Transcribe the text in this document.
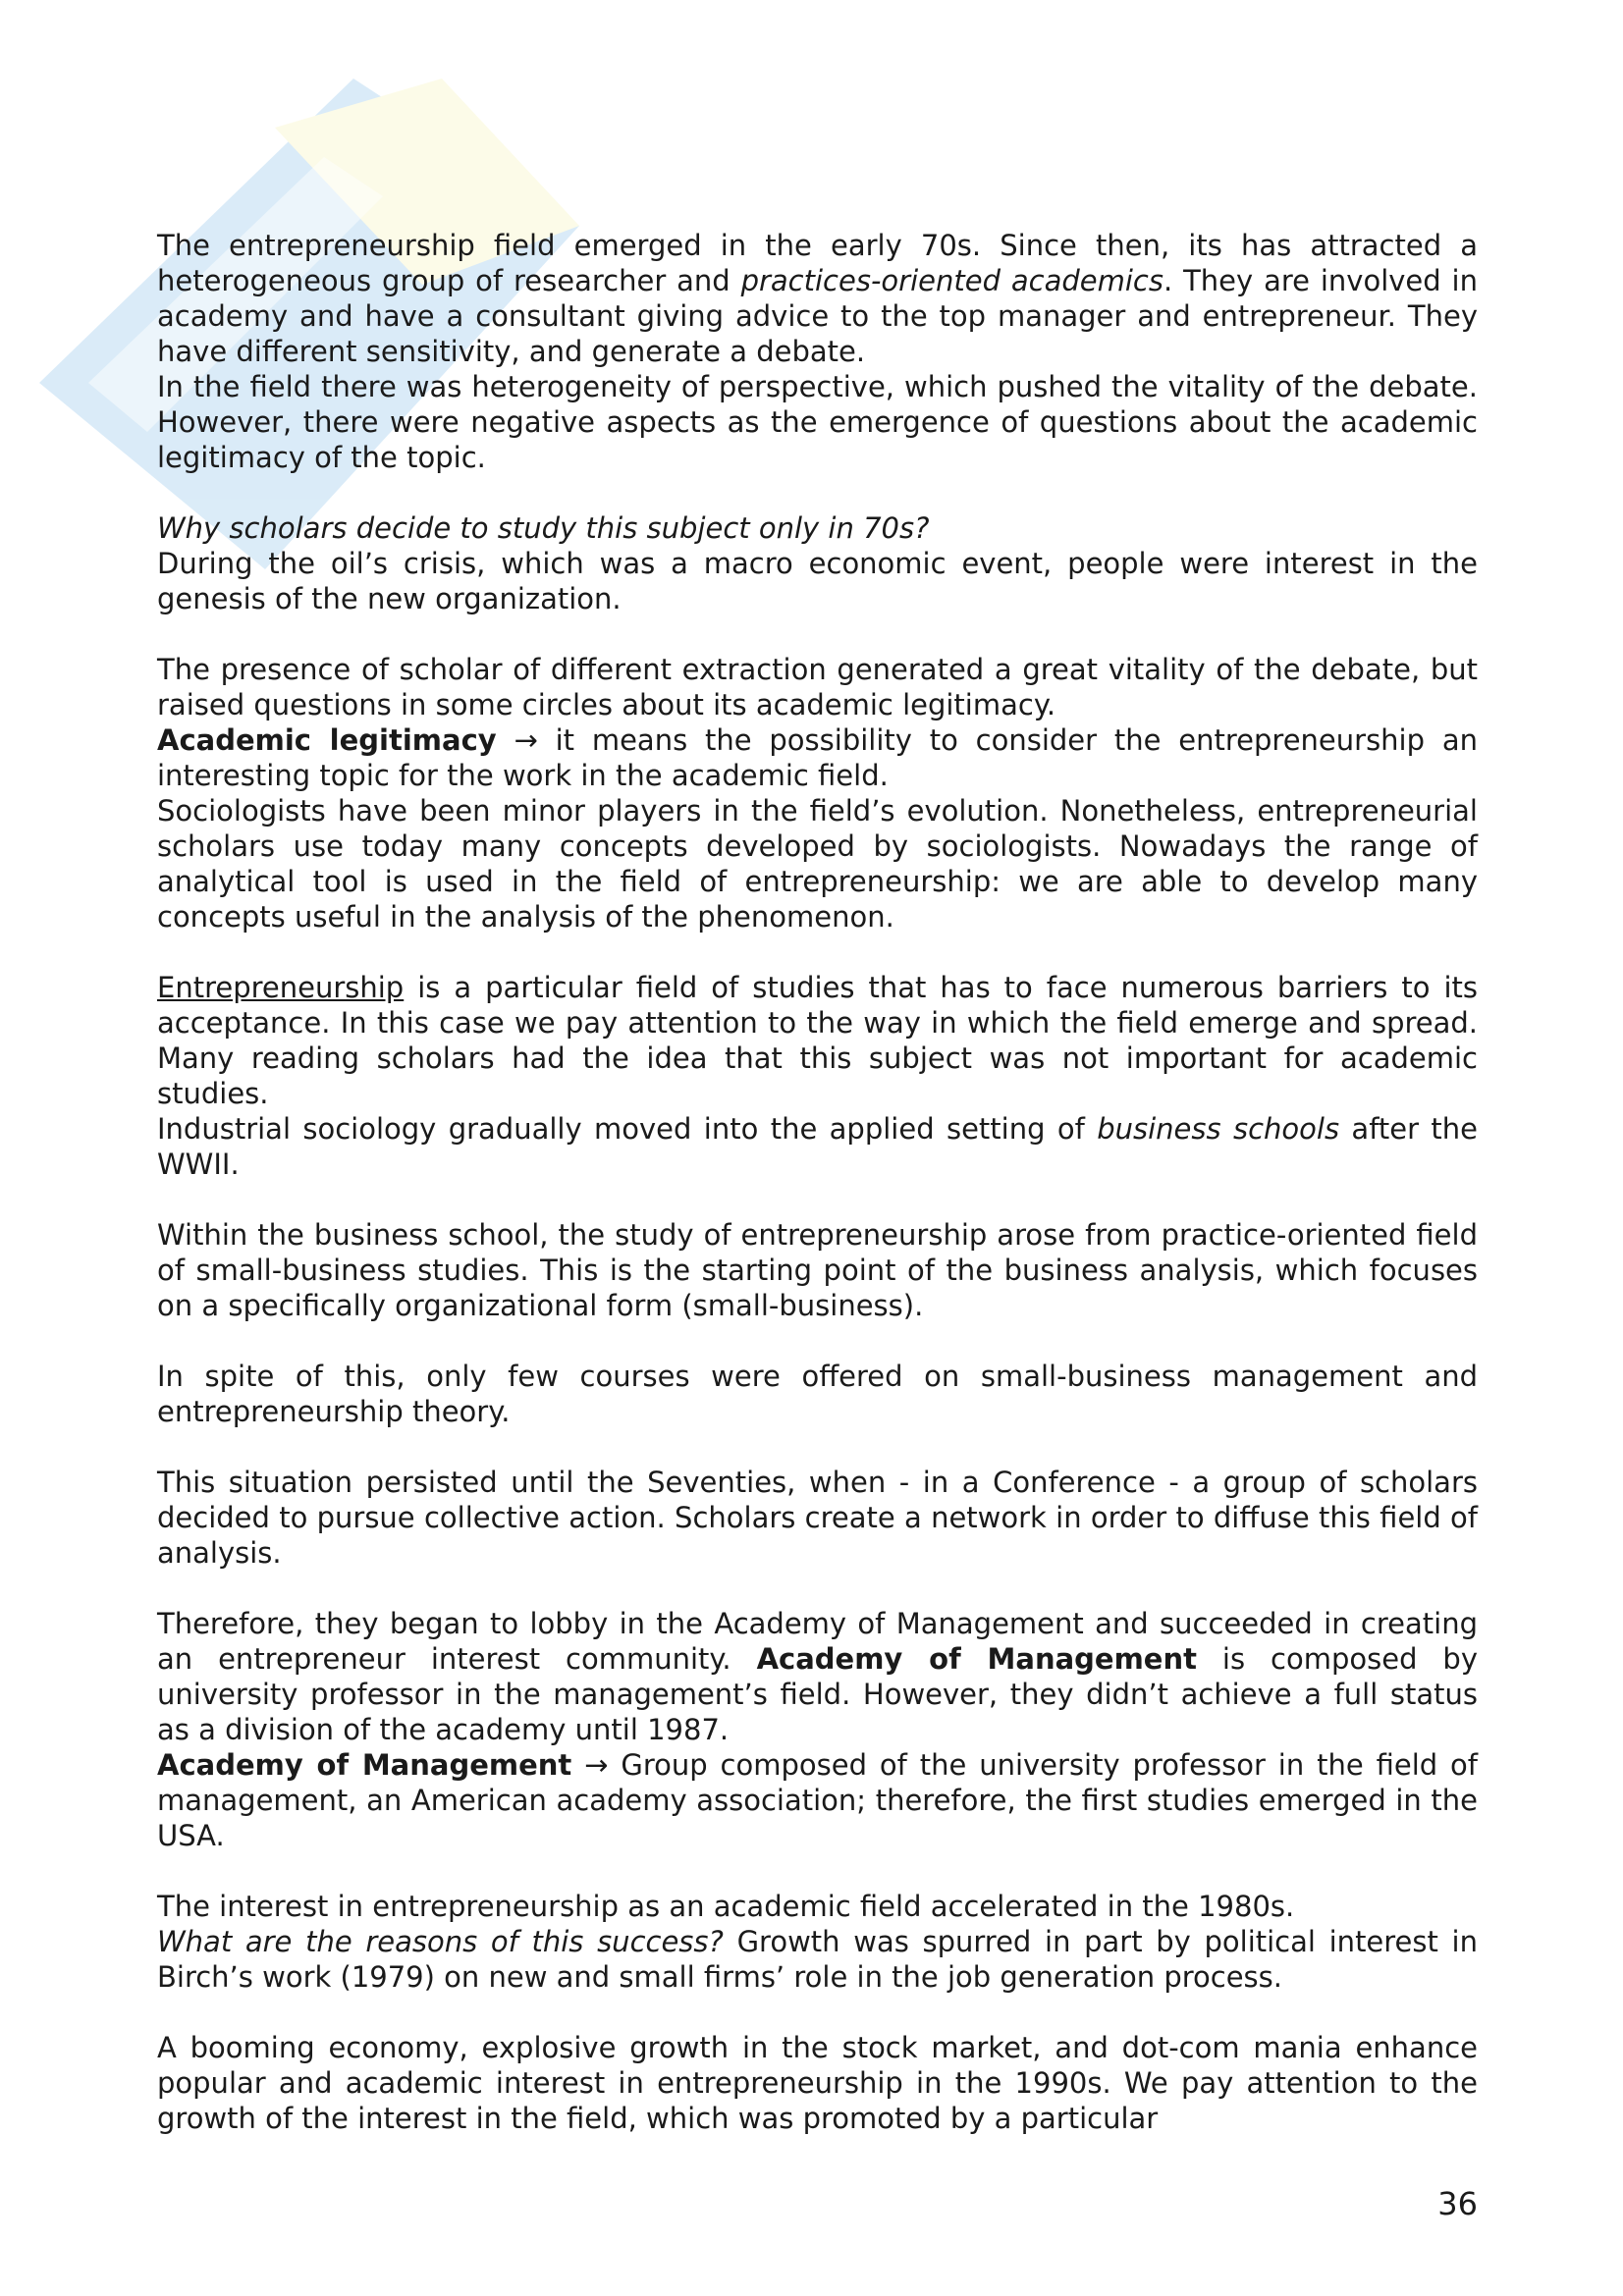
The entrepreneurship field emerged in the early 70s. Since then, its has attracted a heterogeneous group of researcher and practices-oriented academics. They are involved in academy and have a consultant giving advice to the top manager and entrepreneur. They have different sensitivity, and generate a debate.

In the field there was heterogeneity of perspective, which pushed the vitality of the debate. However, there were negative aspects as the emergence of questions about the academic legitimacy of the topic.

Why scholars decide to study this subject only in 70s?

During the oil’s crisis, which was a macro economic event, people were interest in the genesis of the new organization.

The presence of scholar of different extraction generated a great vitality of the debate, but raised questions in some circles about its academic legitimacy.

Academic legitimacy → it means the possibility to consider the entrepreneurship an interesting topic for the work in the academic field.

Sociologists have been minor players in the field’s evolution. Nonetheless, entrepreneurial scholars use today many concepts developed by sociologists. Nowadays the range of analytical tool is used in the field of entrepreneurship: we are able to develop many concepts useful in the analysis of the phenomenon.

Entrepreneurship is a particular field of studies that has to face numerous barriers to its acceptance. In this case we pay attention to the way in which the field emerge and spread. Many reading scholars had the idea that this subject was not important for academic studies.

Industrial sociology gradually moved into the applied setting of business schools after the WWII.

Within the business school, the study of entrepreneurship arose from practice-oriented field of small-business studies. This is the starting point of the business analysis, which focuses on a specifically organizational form (small-business).

In spite of this, only few courses were offered on small-business management and entrepreneurship theory.

This situation persisted until the Seventies, when - in a Conference - a group of scholars decided to pursue collective action. Scholars create a network in order to diffuse this field of analysis.

Therefore, they began to lobby in the Academy of Management and succeeded in creating an entrepreneur interest community. Academy of Management is composed by university professor in the management’s field. However, they didn’t achieve a full status as a division of the academy until 1987.

Academy of Management → Group composed of the university professor in the field of management, an American academy association; therefore, the first studies emerged in the USA.

The interest in entrepreneurship as an academic field accelerated in the 1980s.

What are the reasons of this success? Growth was spurred in part by political interest in Birch’s work (1979) on new and small firms’ role in the job generation process.

A booming economy, explosive growth in the stock market, and dot-com mania enhance popular and academic interest in entrepreneurship in the 1990s. We pay attention to the growth of the interest in the field, which was promoted by a particular

36
